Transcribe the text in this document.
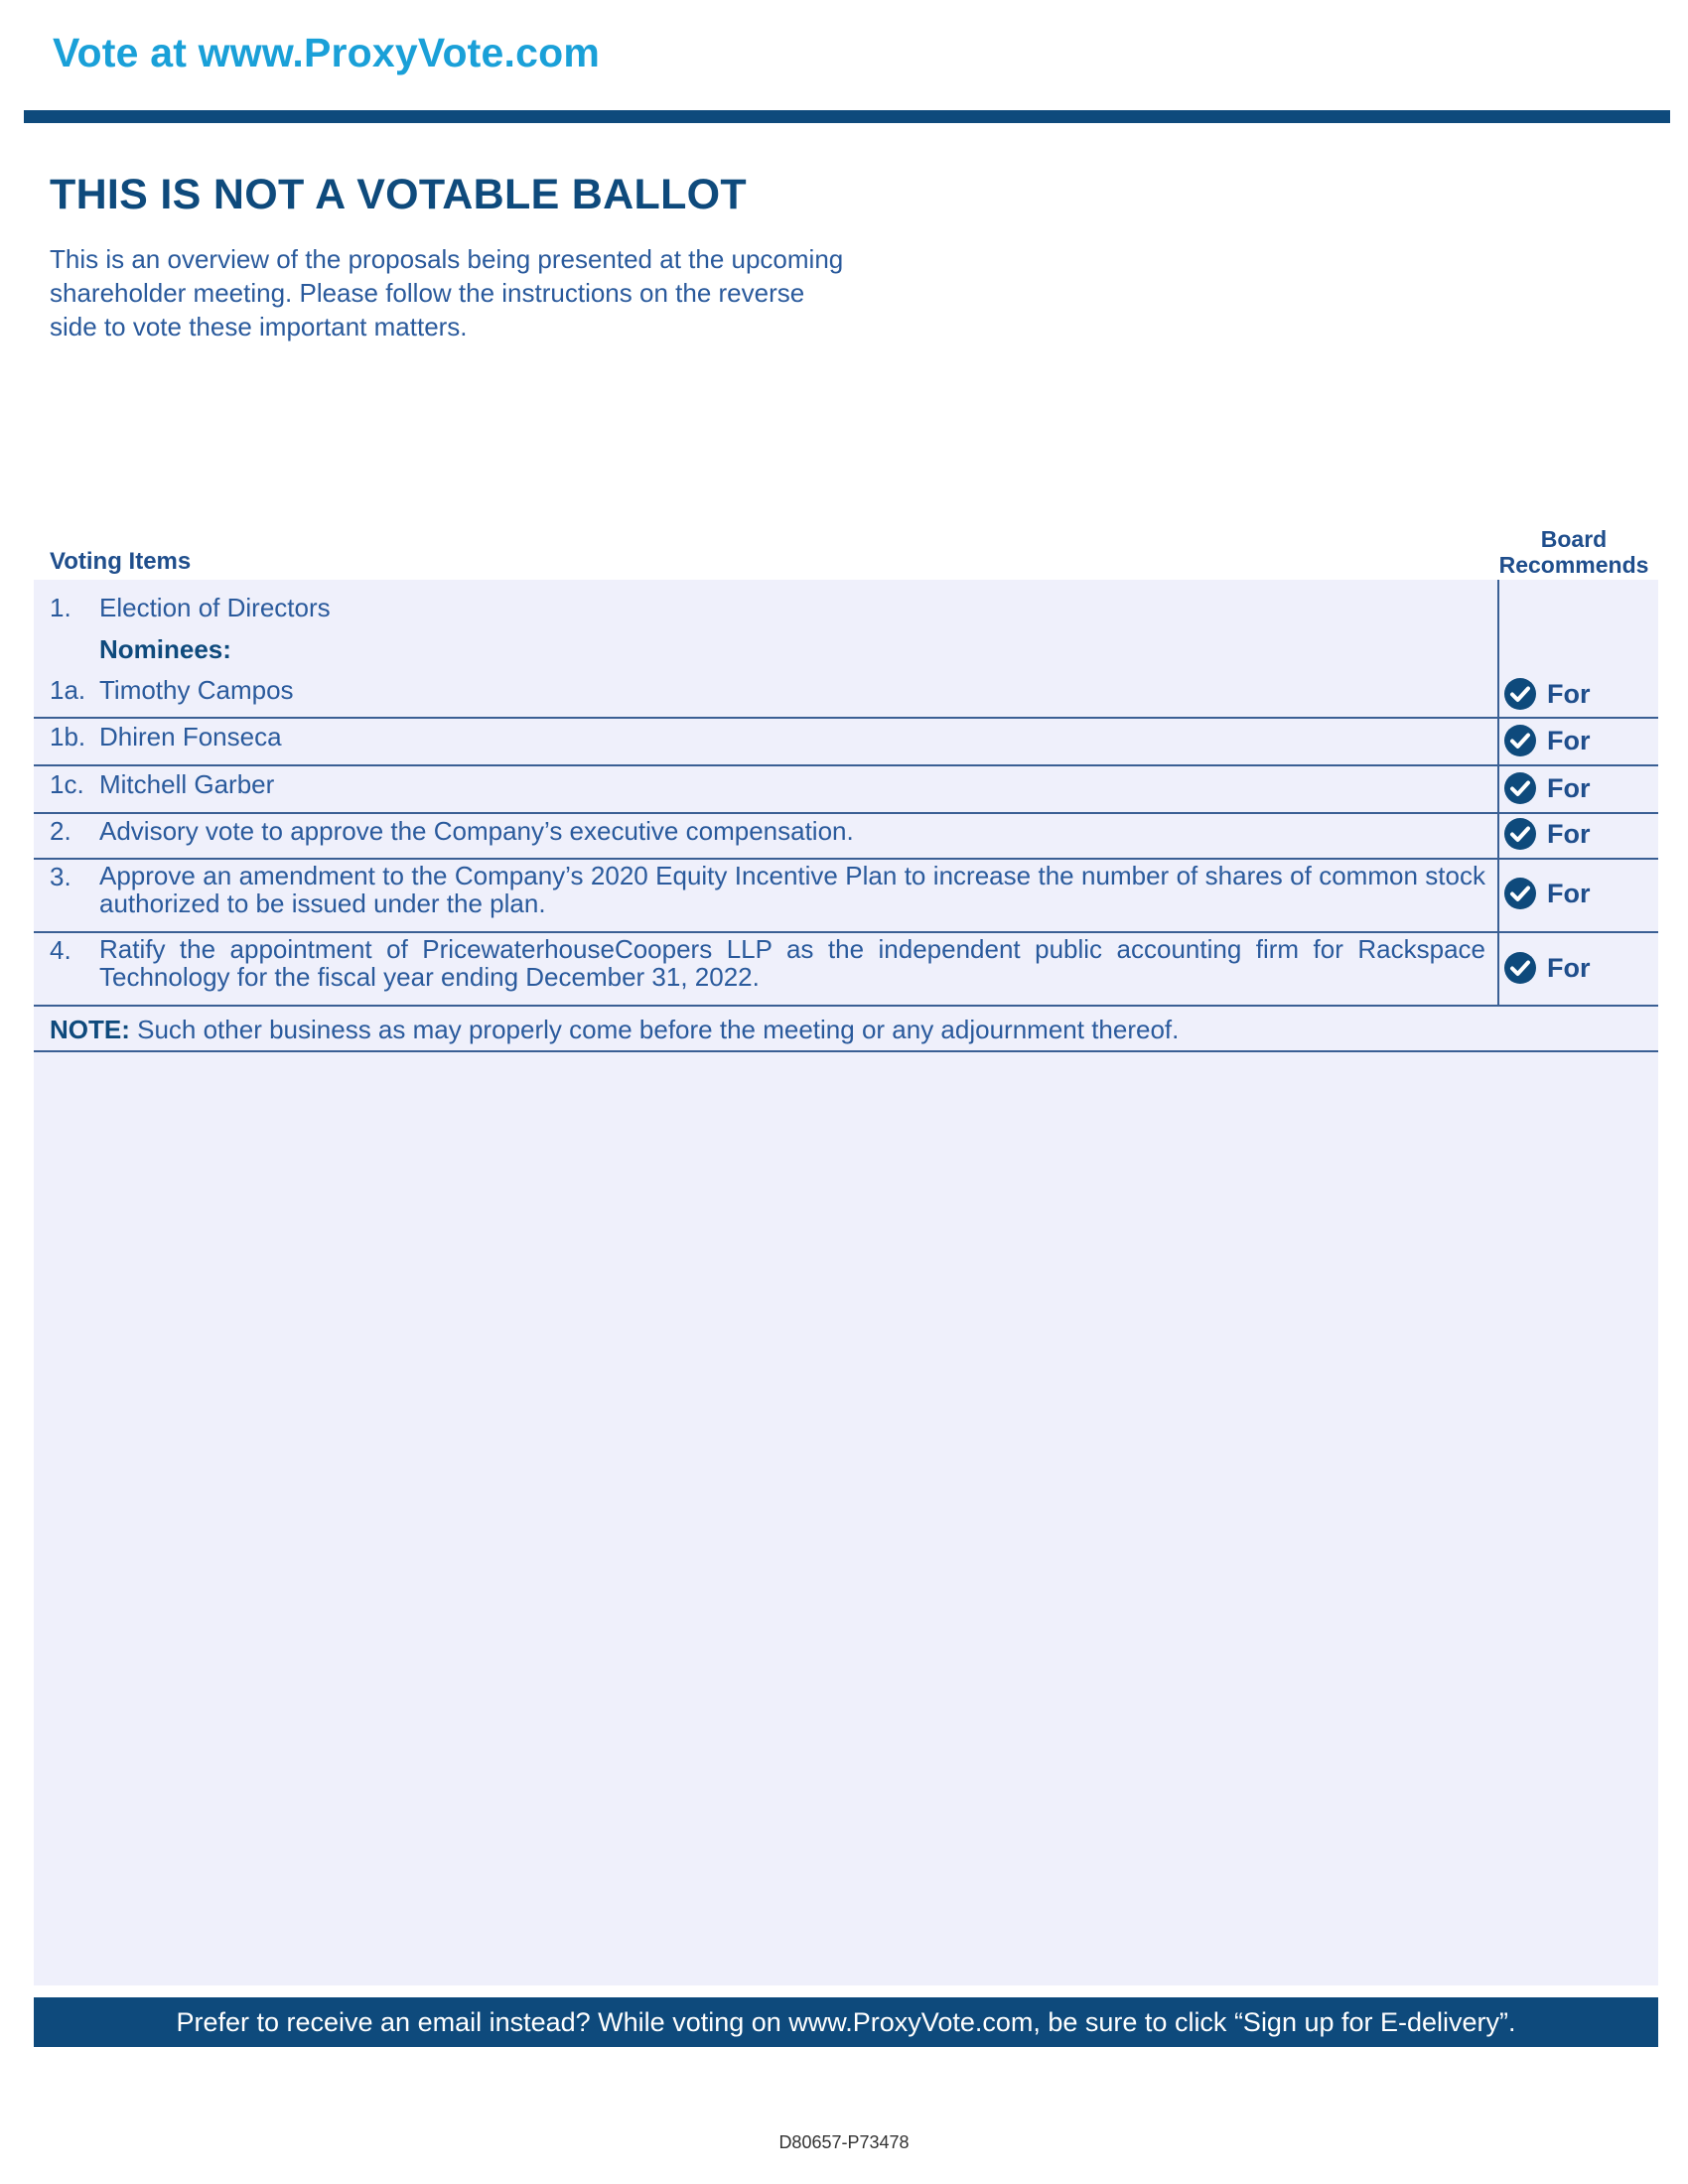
Vote at www.ProxyVote.com
THIS IS NOT A VOTABLE BALLOT

This is an overview of the proposals being presented at the upcoming shareholder meeting. Please follow the instructions on the reverse side to vote these important matters.

Voting Items
Board Recommends
1. Election of Directors
Nominees:
1a. Timothy Campos	For
1b. Dhiren Fonseca	For
1c. Mitchell Garber	For
2. Advisory vote to approve the Company’s executive compensation.	For
3. Approve an amendment to the Company’s 2020 Equity Incentive Plan to increase the number of shares of common stock authorized to be issued under the plan.	For
4. Ratify the appointment of PricewaterhouseCoopers LLP as the independent public accounting firm for Rackspace Technology for the fiscal year ending December 31, 2022.	For
NOTE: Such other business as may properly come before the meeting or any adjournment thereof.
Prefer to receive an email instead? While voting on www.ProxyVote.com, be sure to click “Sign up for E-delivery”.
D80657-P73478
